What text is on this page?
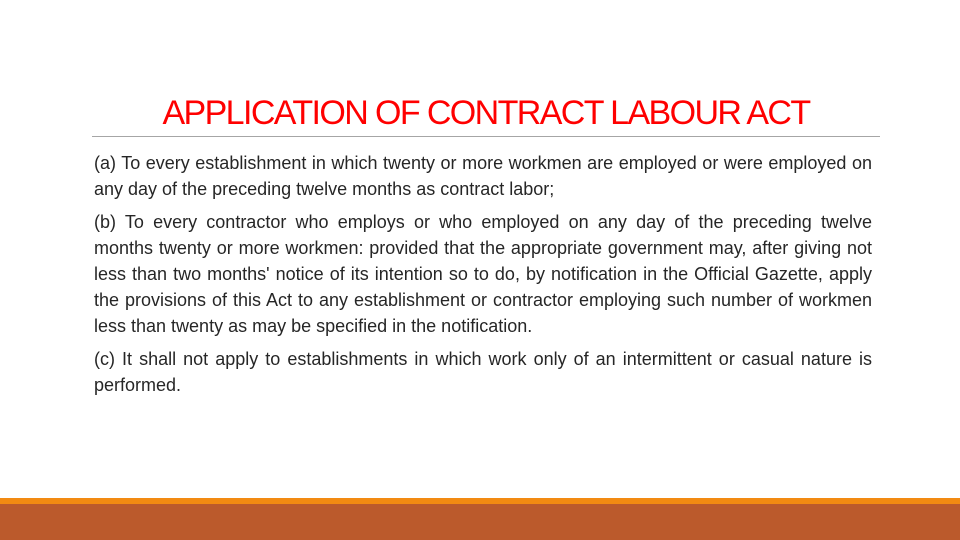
APPLICATION OF CONTRACT LABOUR ACT

(a) To every establishment in which twenty or more workmen are employed or were employed on any day of the preceding twelve months as contract labor;

(b) To every contractor who employs or who employed on any day of the preceding twelve months twenty or more workmen: provided that the appropriate government may, after giving not less than two months' notice of its intention so to do, by notification in the Official Gazette, apply the provisions of this Act to any establishment or contractor employing such number of workmen less than twenty as may be specified in the notification.

(c) It shall not apply to establishments in which work only of an intermittent or casual nature is performed.
